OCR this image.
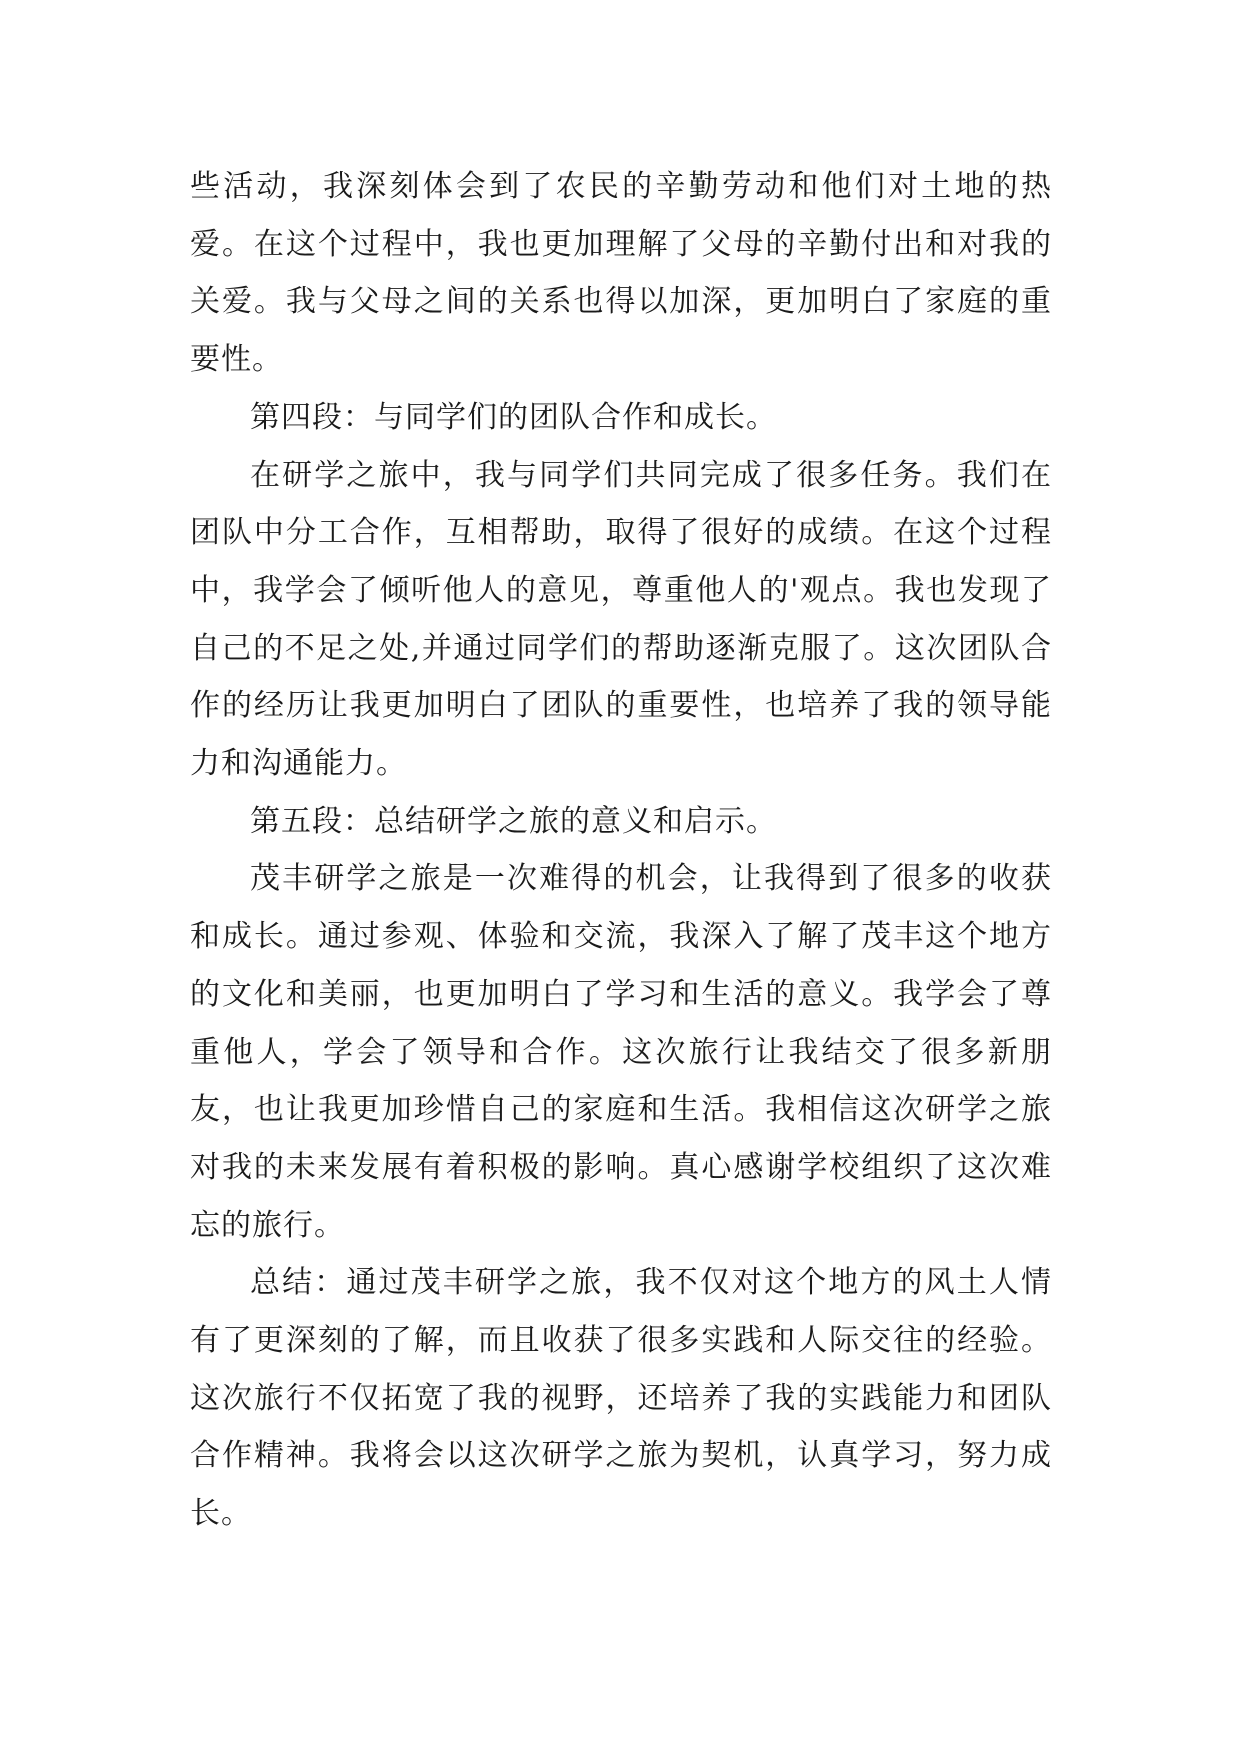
些活动，我深刻体会到了农民的辛勤劳动和他们对土地的热爱。在这个过程中，我也更加理解了父母的辛勤付出和对我的关爱。我与父母之间的关系也得以加深，更加明白了家庭的重要性。

第四段：与同学们的团队合作和成长。

在研学之旅中，我与同学们共同完成了很多任务。我们在团队中分工合作，互相帮助，取得了很好的成绩。在这个过程中，我学会了倾听他人的意见，尊重他人的'观点。我也发现了自己的不足之处,并通过同学们的帮助逐渐克服了。这次团队合作的经历让我更加明白了团队的重要性，也培养了我的领导能力和沟通能力。

第五段：总结研学之旅的意义和启示。

茂丰研学之旅是一次难得的机会，让我得到了很多的收获和成长。通过参观、体验和交流，我深入了解了茂丰这个地方的文化和美丽，也更加明白了学习和生活的意义。我学会了尊重他人，学会了领导和合作。这次旅行让我结交了很多新朋友，也让我更加珍惜自己的家庭和生活。我相信这次研学之旅对我的未来发展有着积极的影响。真心感谢学校组织了这次难忘的旅行。

总结：通过茂丰研学之旅，我不仅对这个地方的风土人情有了更深刻的了解，而且收获了很多实践和人际交往的经验。这次旅行不仅拓宽了我的视野，还培养了我的实践能力和团队合作精神。我将会以这次研学之旅为契机，认真学习，努力成长。
